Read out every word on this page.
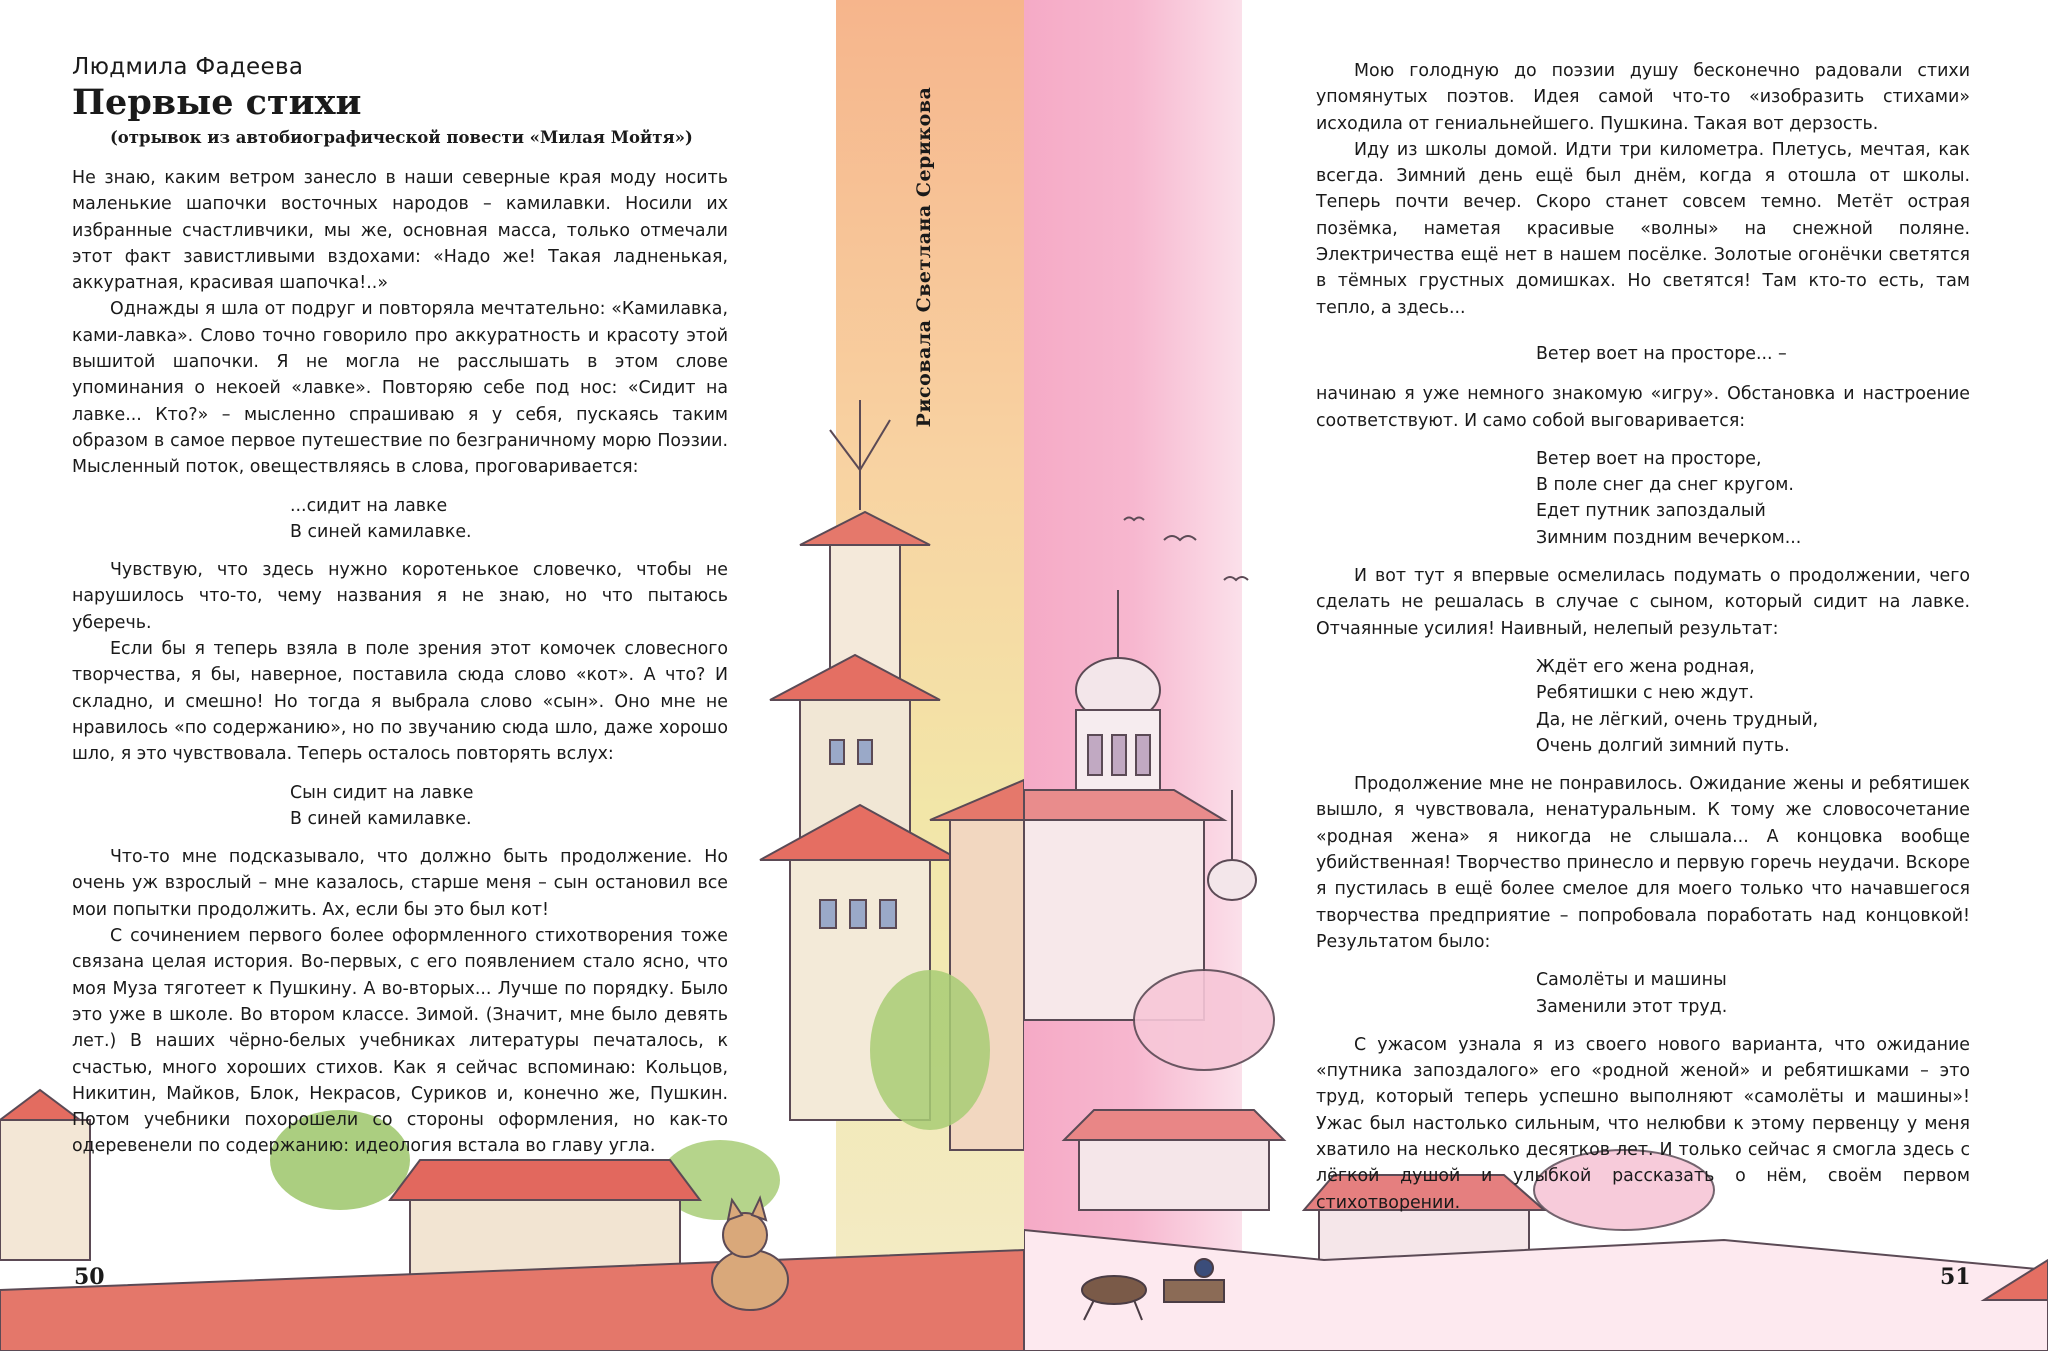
Людмила Фадеева
Первые стихи
(отрывок из автобиографической повести «Милая Мойтя»)

Не знаю, каким ветром занесло в наши северные края моду носить маленькие шапочки восточных народов – камилавки. Носили их избранные счастливчики, мы же, основная масса, только отмечали этот факт завистливыми вздохами: «Надо же! Такая ладненькая, аккуратная, красивая шапочка!..»

Однажды я шла от подруг и повторяла мечтательно: «Камилавка, ками-лавка». Слово точно говорило про аккуратность и красоту этой вышитой шапочки. Я не могла не расслышать в этом слове упоминания о некоей «лавке». Повторяю себе под нос: «Сидит на лавке... Кто?» – мысленно спрашиваю я у себя, пускаясь таким образом в самое первое путешествие по безграничному морю Поэзии. Мысленный поток, овеществляясь в слова, проговаривается:

...сидит на лавке
В синей камилавке.

Чувствую, что здесь нужно коротенькое словечко, чтобы не нарушилось что-то, чему названия я не знаю, но что пытаюсь уберечь.

Если бы я теперь взяла в поле зрения этот комочек словесного творчества, я бы, наверное, поставила сюда слово «кот». А что? И складно, и смешно! Но тогда я выбрала слово «сын». Оно мне не нравилось «по содержанию», но по звучанию сюда шло, даже хорошо шло, я это чувствовала. Теперь осталось повторять вслух:

Сын сидит на лавке
В синей камилавке.

Что-то мне подсказывало, что должно быть продолжение. Но очень уж взрослый – мне казалось, старше меня – сын остановил все мои попытки продолжить. Ах, если бы это был кот!

С сочинением первого более оформленного стихотворения тоже связана целая история. Во-первых, с его появлением стало ясно, что моя Муза тяготеет к Пушкину. А во-вторых... Лучше по порядку. Было это уже в школе. Во втором классе. Зимой. (Значит, мне было девять лет.) В наших чёрно-белых учебниках литературы печаталось, к счастью, много хороших стихов. Как я сейчас вспоминаю: Кольцов, Никитин, Майков, Блок, Некрасов, Суриков и, конечно же, Пушкин. Потом учебники похорошели со стороны оформления, но как-то одеревенели по содержанию: идеология встала во главу угла.

Рисовала Светлана Серикова
50

Мою голодную до поэзии душу бесконечно радовали стихи упомянутых поэтов. Идея самой что-то «изобразить стихами» исходила от гениальнейшего. Пушкина. Такая вот дерзость.

Иду из школы домой. Идти три километра. Плетусь, мечтая, как всегда. Зимний день ещё был днём, когда я отошла от школы. Теперь почти вечер. Скоро станет совсем темно. Метёт острая позёмка, наметая красивые «волны» на снежной поляне. Электричества ещё нет в нашем посёлке. Золотые огонёчки светятся в тёмных грустных домишках. Но светятся! Там кто-то есть, там тепло, а здесь...

Ветер воет на просторе... –

начинаю я уже немного знакомую «игру». Обстановка и настроение соответствуют. И само собой выговаривается:

Ветер воет на просторе,
В поле снег да снег кругом.
Едет путник запоздалый
Зимним поздним вечерком...

И вот тут я впервые осмелилась подумать о продолжении, чего сделать не решалась в случае с сыном, который сидит на лавке. Отчаянные усилия! Наивный, нелепый результат:

Ждёт его жена родная,
Ребятишки с нею ждут.
Да, не лёгкий, очень трудный,
Очень долгий зимний путь.

Продолжение мне не понравилось. Ожидание жены и ребятишек вышло, я чувствовала, ненатуральным. К тому же словосочетание «родная жена» я никогда не слышала... А концовка вообще убийственная! Творчество принесло и первую горечь неудачи. Вскоре я пустилась в ещё более смелое для моего только что начавшегося творчества предприятие – попробовала поработать над концовкой! Результатом было:

Самолёты и машины
Заменили этот труд.

С ужасом узнала я из своего нового варианта, что ожидание «путника запоздалого» его «родной женой» и ребятишками – это труд, который теперь успешно выполняют «самолёты и машины»! Ужас был настолько сильным, что нелюбви к этому первенцу у меня хватило на несколько десятков лет. И только сейчас я смогла здесь с лёгкой душой и улыбкой рассказать о нём, своём первом стихотворении.

51
